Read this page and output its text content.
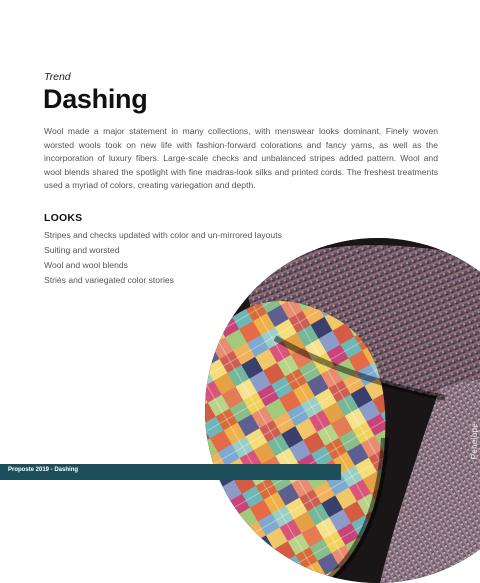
Trend
Dashing

Wool made a major statement in many collections, with menswear looks dominant. Finely woven worsted wools took on new life with fashion-forward colorations and fancy yarns, as well as the incorporation of luxury fibers. Large-scale checks and unbalanced stripes added pattern. Wool and wool blends shared the spotlight with fine madras-look silks and printed cords. The freshest treatments used a myriad of colors, creating variegation and depth.

LOOKS
Stripes and checks updated with color and un-mirrored layouts
Suiting and worsted
Wool and wool blends
Striés and variegated color stories
Penelope
Proposte 2019 - Dashing
